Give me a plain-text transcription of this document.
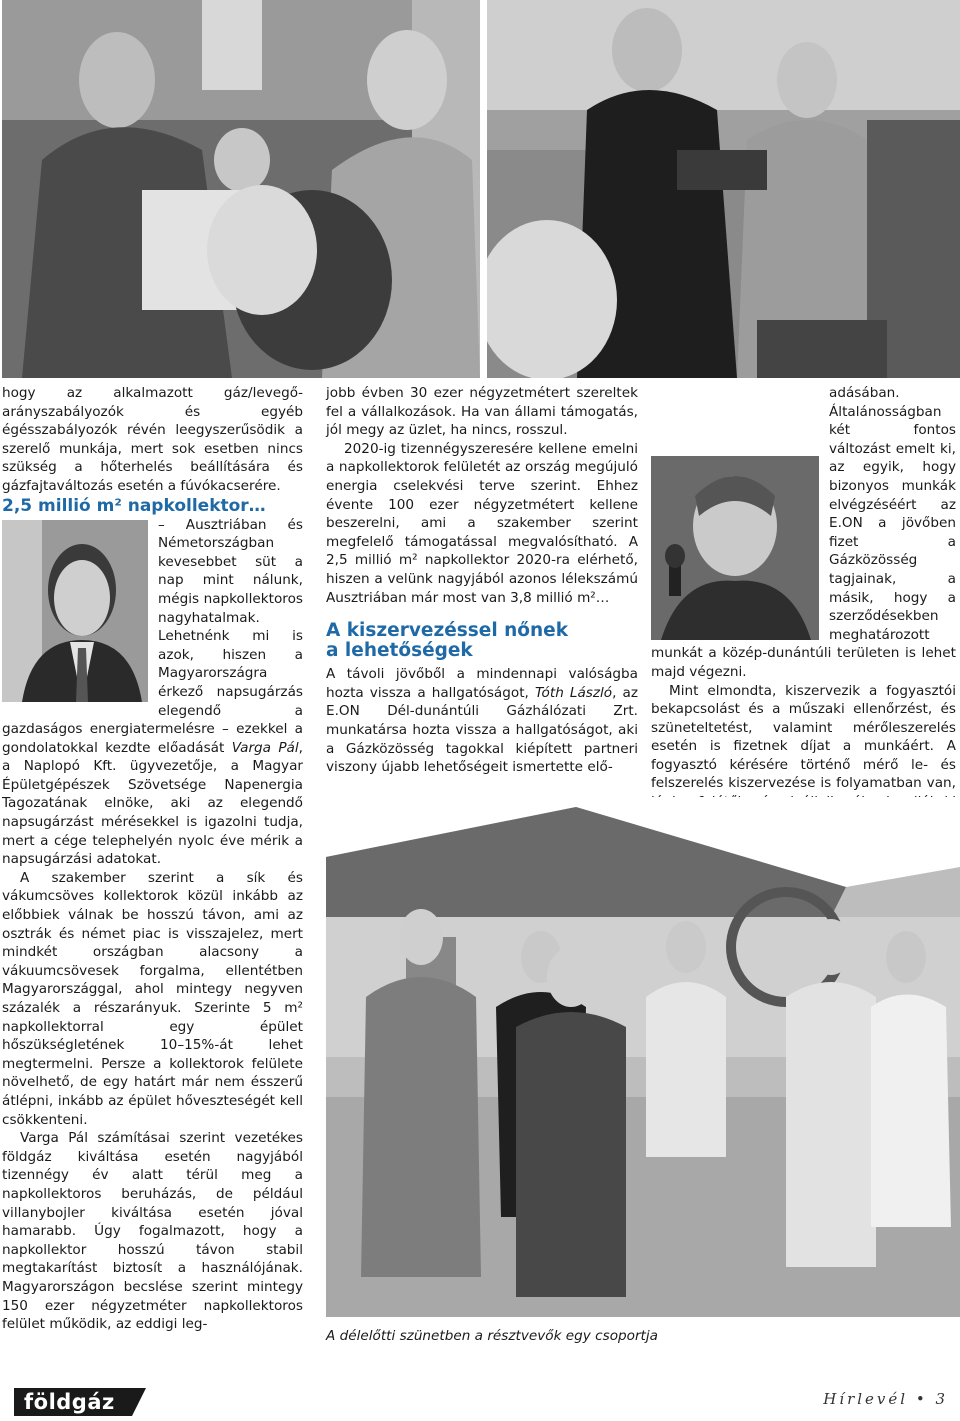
hogy az alkalmazott gáz/levegő-arányszabályozók és egyéb égésszabályozók révén leegyszerűsödik a szerelő munkája, mert sok esetben nincs szükség a hőterhelés beállítására és gázfajtaváltozás esetén a fúvókacserére.

2,5 millió m² napkollektor…

– Ausztriában és Németországban kevesebbet süt a nap mint nálunk, mégis napkollektoros nagyhatalmak. Lehetnénk mi is azok, hiszen a Magyarországra érkező napsugárzás elegendő a gazdaságos energiatermelésre – ezekkel a gondolatokkal kezdte előadását Varga Pál, a Naplopó Kft. ügyvezetője, a Magyar Épületgépészek Szövetsége Napenergia Tagozatának elnöke, aki az elegendő napsugárzást mérésekkel is igazolni tudja, mert a cége telephelyén nyolc éve mérik a napsugárzási adatokat.

A szakember szerint a sík és vákumcsöves kollektorok közül inkább az előbbiek válnak be hosszú távon, ami az osztrák és német piac is visszajelez, mert mindkét országban alacsony a vákuumcsövesek forgalma, ellentétben Magyarországgal, ahol mintegy negyven százalék a részarányuk. Szerinte 5 m² napkollektorral egy épület hőszükségletének 10–15%-át lehet megtermelni. Persze a kollektorok felülete növelhető, de egy határt már nem ésszerű átlépni, inkább az épület hőveszteségét kell csökkenteni.

Varga Pál számításai szerint vezetékes földgáz kiváltása esetén nagyjából tizennégy év alatt térül meg a napkollektoros beruházás, de például villanybojler kiváltása esetén jóval hamarabb. Úgy fogalmazott, hogy a napkollektor hosszú távon stabil megtakarítást biztosít a használójának. Magyarországon becslése szerint mintegy 150 ezer négyzetméter napkollektoros felület működik, az eddigi leg-

jobb évben 30 ezer négyzetmétert szereltek fel a vállalkozások. Ha van állami támogatás, jól megy az üzlet, ha nincs, rosszul.

2020-ig tizennégyszeresére kellene emelni a napkollektorok felületét az ország megújuló energia cselekvési terve szerint. Ehhez évente 100 ezer négyzetmétert kellene beszerelni, ami a szakember szerint megfelelő támogatással megvalósítható. A 2,5 millió m² napkollektor 2020-ra elérhető, hiszen a velünk nagyjából azonos lélekszámú Ausztriában már most van 3,8 millió m²…

A kiszervezéssel nőnek
a lehetőségek

A távoli jövőből a mindennapi valóságba hozta vissza a hallgatóságot, Tóth László, az E.ON Dél-dunántúli Gázhálózati Zrt. munkatársa hozta vissza a hallgatóságot, aki a Gázközösség tagokkal kiépített partneri viszony újabb lehetőségeit ismertette elő-

adásában. Általánosságban két fontos változást emelt ki, az egyik, hogy bizonyos munkák elvégzéséért az E.ON a jövőben fizet a Gázközösség tagjainak, a másik, hogy a szerződésekben meghatározott munkát a közép-dunántúli területen is lehet majd végezni.

Mint elmondta, kiszervezik a fogyasztói bekapcsolást és a műszaki ellenőrzést, és szüneteltetést, valamint mérőleszerelés esetén is fizetnek díjat a munkáért. A fogyasztó kérésére történő mérő le- és felszerelés kiszervezése is folyamatban van,

A délelőtti szünetben a résztvevők egy csoportja
földgáz	Hírlevél • 3
